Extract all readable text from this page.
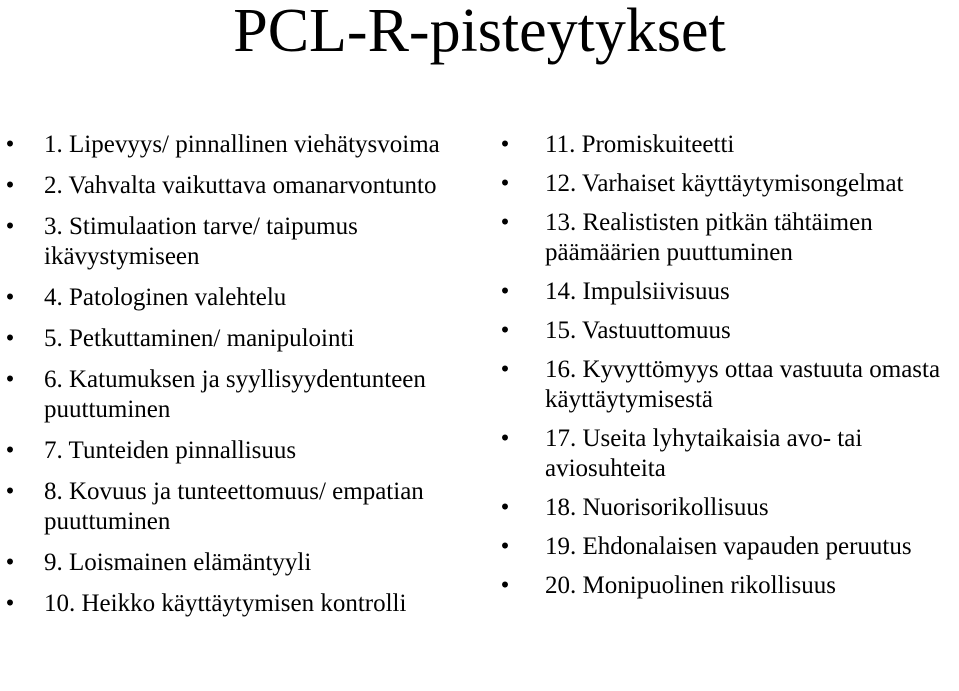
PCL-R-pisteytykset
• 1. Lipevyys/ pinnallinen viehätysvoima
• 2. Vahvalta vaikuttava omanarvontunto
• 3. Stimulaation tarve/ taipumus ikävystymiseen
• 4. Patologinen valehtelu
• 5. Petkuttaminen/ manipulointi
• 6. Katumuksen ja syyllisyydentunteen puuttuminen
• 7. Tunteiden pinnallisuus
• 8. Kovuus ja tunteettomuus/ empatian puuttuminen
• 9. Loismainen elämäntyyli
• 10. Heikko käyttäytymisen kontrolli
• 11. Promiskuiteetti
• 12. Varhaiset käyttäytymisongelmat
• 13. Realististen pitkän tähtäimen päämäärien puuttuminen
• 14. Impulsiivisuus
• 15. Vastuuttomuus
• 16. Kyvyttömyys ottaa vastuuta omasta käyttäytymisestä
• 17. Useita lyhytaikaisia avo- tai aviosuhteita
• 18. Nuorisorikollisuus
• 19. Ehdonalaisen vapauden peruutus
• 20. Monipuolinen rikollisuus
